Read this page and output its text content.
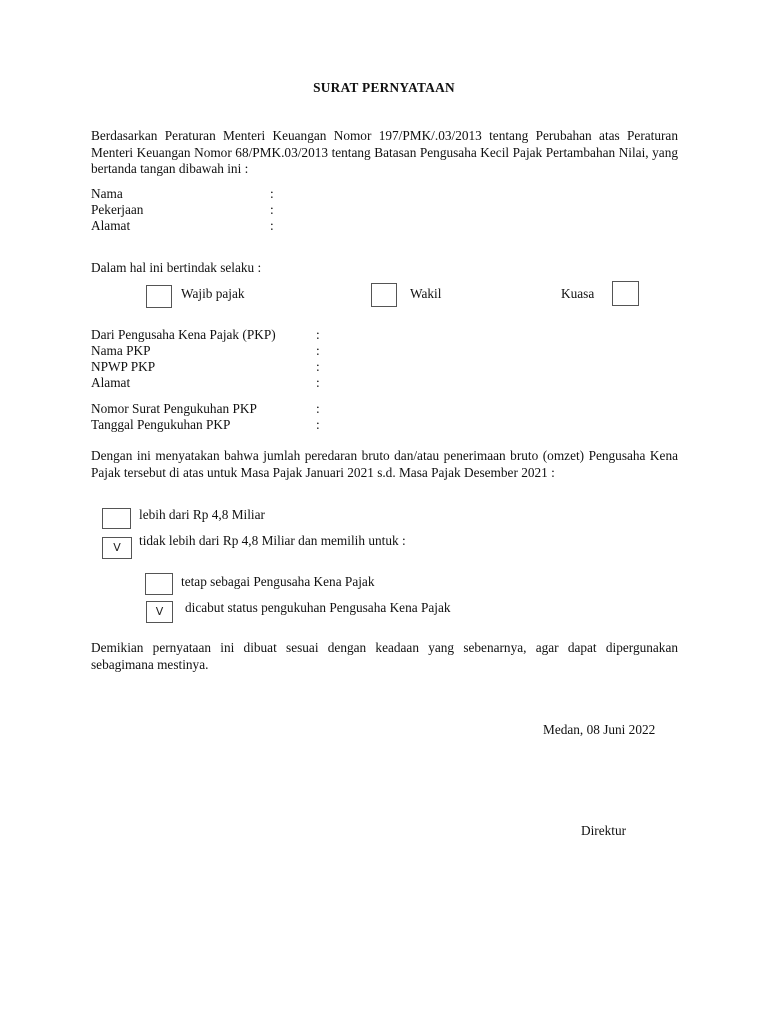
SURAT PERNYATAAN
Berdasarkan Peraturan Menteri Keuangan Nomor 197/PMK/.03/2013 tentang Perubahan atas Peraturan Menteri Keuangan Nomor 68/PMK.03/2013 tentang Batasan Pengusaha Kecil Pajak Pertambahan Nilai, yang bertanda tangan dibawah ini :
Nama	:
Pekerjaan	:
Alamat	:
Dalam hal ini bertindak selaku :
Wajib pajak	Wakil	Kuasa
Dari Pengusaha Kena Pajak (PKP)	:
Nama PKP	:
NPWP PKP	:
Alamat	:
Nomor Surat Pengukuhan PKP	:
Tanggal Pengukuhan PKP	:
Dengan ini menyatakan bahwa jumlah peredaran bruto dan/atau penerimaan bruto (omzet) Pengusaha Kena Pajak tersebut di atas untuk Masa Pajak Januari 2021 s.d. Masa Pajak Desember 2021 :
lebih dari Rp 4,8 Miliar
V	tidak lebih dari Rp 4,8 Miliar dan memilih untuk :
tetap sebagai Pengusaha Kena Pajak
V	dicabut status pengukuhan Pengusaha Kena Pajak
Demikian pernyataan ini dibuat sesuai dengan keadaan yang sebenarnya, agar dapat dipergunakan sebagimana mestinya.
Medan, 08 Juni 2022
Direktur
